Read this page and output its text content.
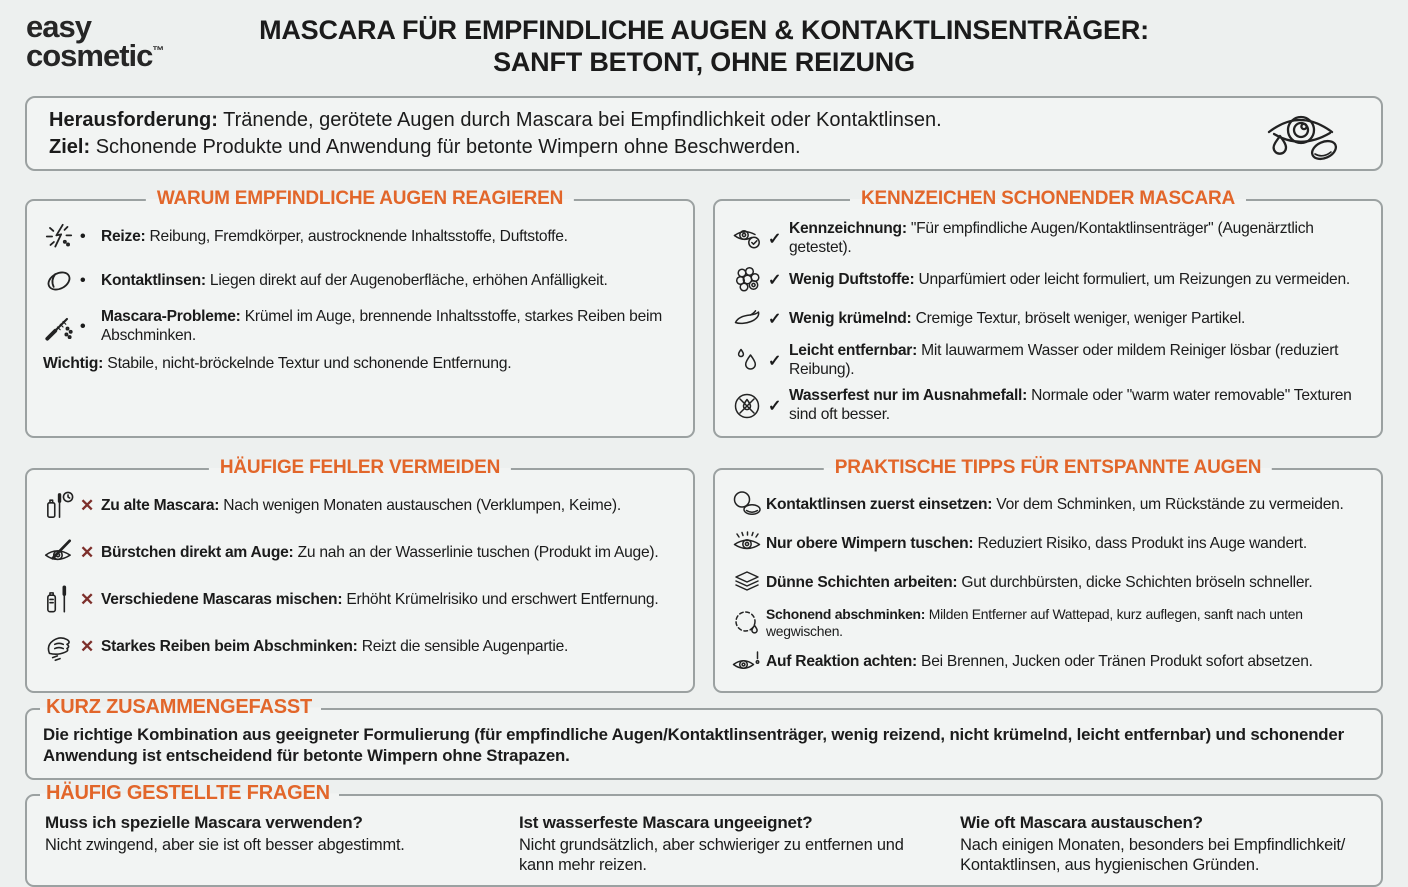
easy
cosmetic™
MASCARA FÜR EMPFINDLICHE AUGEN & KONTAKTLINSENTRÄGER:
SANFT BETONT, OHNE REIZUNG
Herausforderung: Tränende, gerötete Augen durch Mascara bei Empfindlichkeit oder Kontaktlinsen.
Ziel: Schonende Produkte und Anwendung für betonte Wimpern ohne Beschwerden.
WARUM EMPFINDLICHE AUGEN REAGIEREN
• Reize: Reibung, Fremdkörper, austrocknende Inhaltsstoffe, Duftstoffe.
• Kontaktlinsen: Liegen direkt auf der Augenoberfläche, erhöhen Anfälligkeit.
•
Mascara-Probleme: Krümel im Auge, brennende Inhaltsstoffe, starkes Reiben beim Abschminken.
Wichtig: Stabile, nicht-bröckelnde Textur und schonende Entfernung.
KENNZEICHEN SCHONENDER MASCARA
✓
Kennzeichnung: "Für empfindliche Augen/Kontaktlinsenträger" (Augenärztlich getestet).
✓ Wenig Duftstoffe: Unparfümiert oder leicht formuliert, um Reizungen zu vermeiden.
✓ Wenig krümelnd: Cremige Textur, bröselt weniger, weniger Partikel.
✓
Leicht entfernbar: Mit lauwarmem Wasser oder mildem Reiniger lösbar (reduziert Reibung).
✓
Wasserfest nur im Ausnahmefall: Normale oder "warm water removable" Texturen sind oft besser.
HÄUFIGE FEHLER VERMEIDEN
✕ Zu alte Mascara: Nach wenigen Monaten austauschen (Verklumpen, Keime).
✕ Bürstchen direkt am Auge: Zu nah an der Wasserlinie tuschen (Produkt im Auge).
✕ Verschiedene Mascaras mischen: Erhöht Krümelrisiko und erschwert Entfernung.
✕ Starkes Reiben beim Abschminken: Reizt die sensible Augenpartie.
PRAKTISCHE TIPPS FÜR ENTSPANNTE AUGEN
Kontaktlinsen zuerst einsetzen: Vor dem Schminken, um Rückstände zu vermeiden.
Nur obere Wimpern tuschen: Reduziert Risiko, dass Produkt ins Auge wandert.
Dünne Schichten arbeiten: Gut durchbürsten, dicke Schichten bröseln schneller.
Schonend abschminken: Milden Entferner auf Wattepad, kurz auflegen, sanft nach unten wegwischen.
Auf Reaktion achten: Bei Brennen, Jucken oder Tränen Produkt sofort absetzen.
KURZ ZUSAMMENGEFASST
Die richtige Kombination aus geeigneter Formulierung (für empfindliche Augen/Kontaktlinsenträger, wenig reizend, nicht krümelnd, leicht entfernbar) und schonender Anwendung ist entscheidend für betonte Wimpern ohne Strapazen.
HÄUFIG GESTELLTE FRAGEN
Muss ich spezielle Mascara verwenden?
Nicht zwingend, aber sie ist oft besser abgestimmt.
Ist wasserfeste Mascara ungeeignet?
Nicht grundsätzlich, aber schwieriger zu entfernen und kann mehr reizen.
Wie oft Mascara austauschen?
Nach einigen Monaten, besonders bei Empfindlichkeit/ Kontaktlinsen, aus hygienischen Gründen.
